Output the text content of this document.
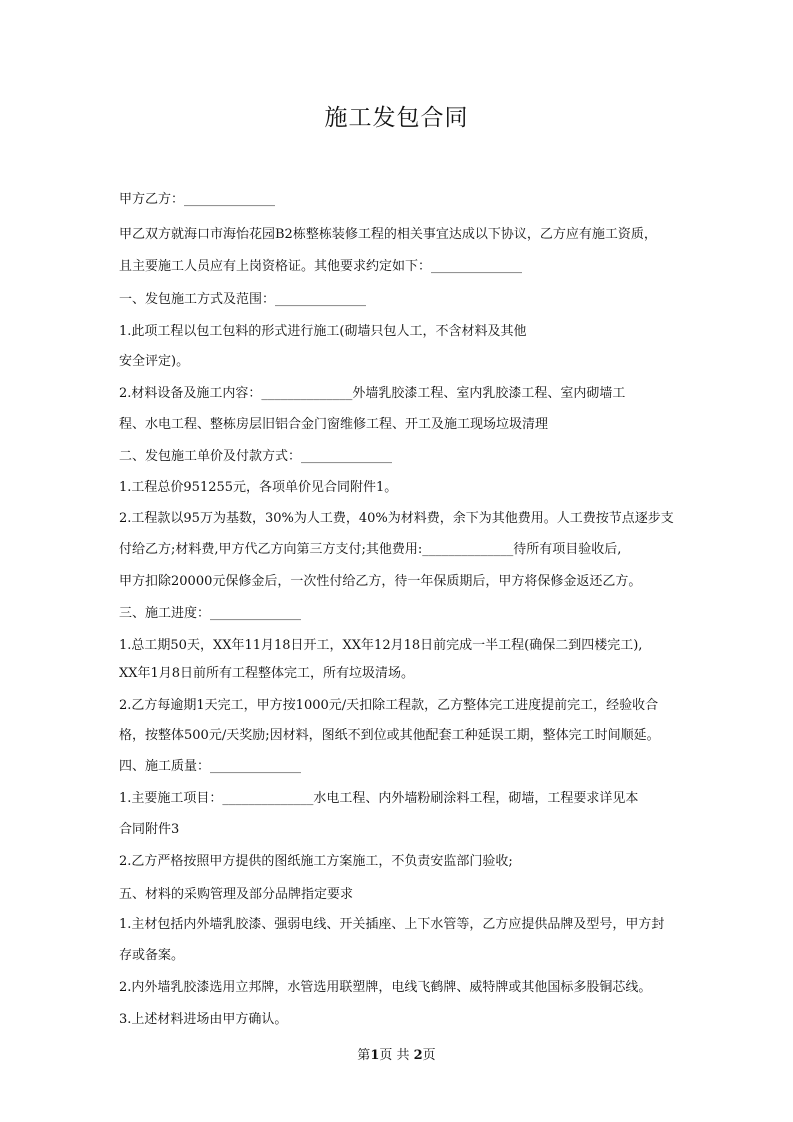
施工发包合同
甲方乙方：______________
甲乙双方就海口市海怡花园B2栋整栋装修工程的相关事宜达成以下协议，乙方应有施工资质，
且主要施工人员应有上岗资格证。其他要求约定如下：______________
一、发包施工方式及范围：______________
1.此项工程以包工包料的形式进行施工(砌墙只包人工，不含材料及其他
安全评定)。
2.材料设备及施工内容：______________外墙乳胶漆工程、室内乳胶漆工程、室内砌墙工
程、水电工程、整栋房层旧铝合金门窗维修工程、开工及施工现场垃圾清理
二、发包施工单价及付款方式：______________
1.工程总价951255元，各项单价见合同附件1。
2.工程款以95万为基数，30%为人工费，40%为材料费，余下为其他费用。人工费按节点逐步支
付给乙方;材料费,甲方代乙方向第三方支付;其他费用:______________待所有项目验收后,
甲方扣除20000元保修金后，一次性付给乙方，待一年保质期后，甲方将保修金返还乙方。
三、施工进度：______________
1.总工期50天，XX年11月18日开工，XX年12月18日前完成一半工程(确保二到四楼完工),
XX年1月8日前所有工程整体完工，所有垃圾清场。
2.乙方每逾期1天完工，甲方按1000元/天扣除工程款，乙方整体完工进度提前完工，经验收合
格，按整体500元/天奖励;因材料，图纸不到位或其他配套工种延误工期，整体完工时间顺延。
四、施工质量：______________
1.主要施工项目：______________水电工程、内外墙粉刷涂料工程，砌墙，工程要求详见本
合同附件3
2.乙方严格按照甲方提供的图纸施工方案施工，不负责安监部门验收;
五、材料的采购管理及部分品牌指定要求
1.主材包括内外墙乳胶漆、强弱电线、开关插座、上下水管等，乙方应提供品牌及型号，甲方封
存或备案。
2.内外墙乳胶漆选用立邦牌，水管选用联塑牌，电线飞鹤牌、威特牌或其他国标多股铜芯线。
3.上述材料进场由甲方确认。
第1页 共 2页
